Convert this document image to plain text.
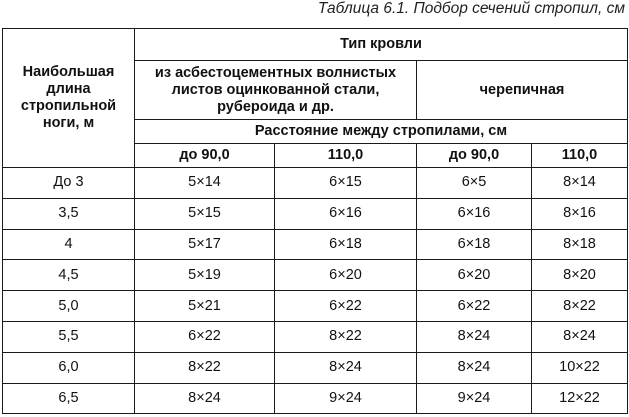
Таблица 6.1. Подбор сечений стропил, см
Наибольшая длина стропильной ноги, м	Тип кровли			
	из асбестоцементных волнистых листов оцинкованной стали, рубероида и др.		черепичная	
	Расстояние между стропилами, см			
	до 90,0	110,0	до 90,0	110,0
До 3	5×14	6×15	6×5	8×14
3,5	5×15	6×16	6×16	8×16
4	5×17	6×18	6×18	8×18
4,5	5×19	6×20	6×20	8×20
5,0	5×21	6×22	6×22	8×22
5,5	6×22	8×22	8×24	8×24
6,0	8×22	8×24	8×24	10×22
6,5	8×24	9×24	9×24	12×22
